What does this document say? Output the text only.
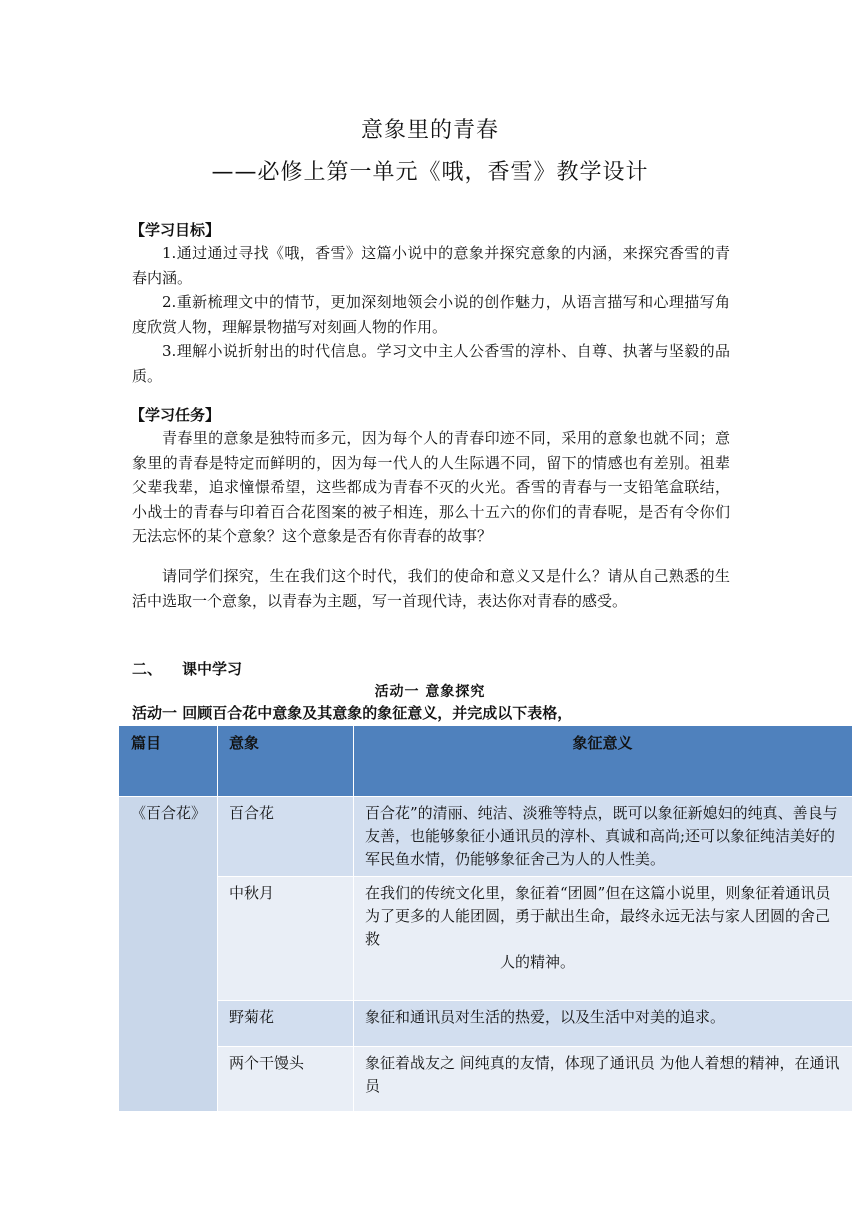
意象里的青春
——必修上第一单元《哦，香雪》教学设计
【学习目标】

1.通过通过寻找《哦，香雪》这篇小说中的意象并探究意象的内涵，来探究香雪的青春内涵。

2.重新梳理文中的情节，更加深刻地领会小说的创作魅力，从语言描写和心理描写角度欣赏人物，理解景物描写对刻画人物的作用。

3.理解小说折射出的时代信息。学习文中主人公香雪的淳朴、自尊、执著与坚毅的品质。

【学习任务】

青春里的意象是独特而多元，因为每个人的青春印迹不同，采用的意象也就不同；意象里的青春是特定而鲜明的，因为每一代人的人生际遇不同，留下的情感也有差别。祖辈父辈我辈，追求憧憬希望，这些都成为青春不灭的火光。香雪的青春与一支铅笔盒联结，小战士的青春与印着百合花图案的被子相连，那么十五六的你们的青春呢，是否有令你们无法忘怀的某个意象？这个意象是否有你青春的故事？

请同学们探究，生在我们这个时代，我们的使命和意义又是什么？请从自己熟悉的生活中选取一个意象，以青春为主题，写一首现代诗，表达你对青春的感受。

二、 课中学习
活动一 意象探究
活动一 回顾百合花中意象及其意象的象征意义，并完成以下表格，
篇目	意象	象征意义
《百合花》	百合花	百合花”的清丽、纯洁、淡雅等特点，既可以象征新媳妇的纯真、善良与友善，也能够象征小通讯员的淳朴、真诚和高尚;还可以象征纯洁美好的军民鱼水情，仍能够象征舍己为人的人性美。
中秋月	在我们的传统文化里，象征着“团圆”但在这篇小说里，则象征着通讯员
为了更多的人能团圆，勇于献出生命，最终永远无法与家人团圆的舍己救
人的精神。
野菊花	象征和通讯员对生活的热爱，以及生活中对美的追求。
两个干馒头	象征着战友之 间纯真的友情，体现了通讯员 为他人着想的精神，在通讯员
